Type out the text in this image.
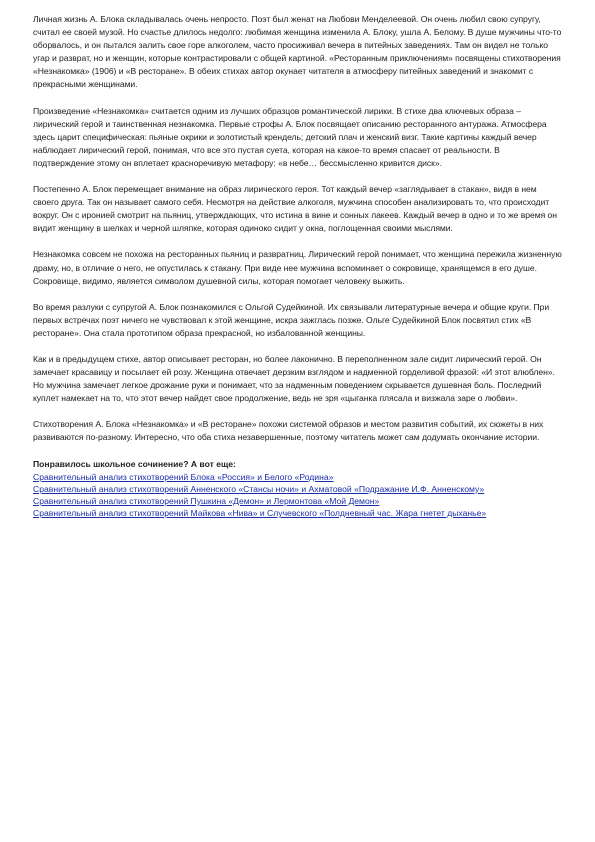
Личная жизнь А. Блока складывалась очень непросто. Поэт был женат на Любови Менделеевой. Он очень любил свою супругу, считал ее своей музой. Но счастье длилось недолго: любимая женщина изменила А. Блоку, ушла А. Белому. В душе мужчины что-то оборвалось, и он пытался залить свое горе алкоголем, часто просиживал вечера в питейных заведениях. Там он видел не только угар и разврат, но и женщин, которые контрастировали с общей картиной. «Ресторанным приключениям» посвящены стихотворения «Незнакомка» (1906) и «В ресторане». В обеих стихах автор окунает читателя в атмосферу питейных заведений и знакомит с прекрасными женщинами.

Произведение «Незнакомка» считается одним из лучших образцов романтической лирики. В стихе два ключевых образа – лирический герой и таинственная незнакомка. Первые строфы А. Блок посвящает описанию ресторанного антуража. Атмосфера здесь царит специфическая: пьяные окрики и золотистый крендель; детский плач и женский визг. Такие картины каждый вечер наблюдает лирический герой, понимая, что все это пустая суета, которая на какое-то время спасает от реальности. В подтверждение этому он вплетает красноречивую метафору: «в небе… бессмысленно кривится диск».

Постепенно А. Блок перемещает внимание на образ лирического героя. Тот каждый вечер «заглядывает в стакан», видя в нем своего друга. Так он называет самого себя. Несмотря на действие алкоголя, мужчина способен анализировать то, что происходит вокруг. Он с иронией смотрит на пьяниц, утверждающих, что истина в вине и сонных лакеев. Каждый вечер в одно и то же время он видит женщину в шелках и черной шляпке, которая одиноко сидит у окна, поглощенная своими мыслями.

Незнакомка совсем не похожа на ресторанных пьяниц и развратниц. Лирический герой понимает, что женщина пережила жизненную драму, но, в отличие о него, не опустилась к стакану. При виде нее мужчина вспоминает о сокровище, хранящемся в его душе. Сокровище, видимо, является символом душевной силы, которая помогает человеку выжить.

Во время разлуки с супругой А. Блок познакомился с Ольгой Судейкиной. Их связывали литературные вечера и общие круги. При первых встречах поэт ничего не чувствовал к этой женщине, искра зажглась позже. Ольге Судейкиной Блок посвятил стих «В ресторане». Она стала прототипом образа прекрасной, но избалованной женщины.

Как и в предыдущем стихе, автор описывает ресторан, но более лаконично. В переполненном зале сидит лирический герой. Он замечает красавицу и посылает ей розу. Женщина отвечает дерзким взглядом и надменной горделивой фразой: «И этот влюблен». Но мужчина замечает легкое дрожание руки и понимает, что за надменным поведением скрывается душевная боль. Последний куплет намекает на то, что этот вечер найдет свое продолжение, ведь не зря «цыганка плясала и визжала заре о любви».

Стихотворения А. Блока «Незнакомка» и «В ресторане» похожи системой образов и местом развития событий, их сюжеты в них развиваются по-разному. Интересно, что оба стиха незавершенные, поэтому читатель может сам додумать окончание истории.

Понравилось школьное сочинение? А вот еще:
Сравнительный анализ стихотворений Блока «Россия» и Белого «Родина»
Сравнительный анализ стихотворений Анненского «Стансы ночи» и Ахматовой «Подражание И.Ф. Анненскому»
Сравнительный анализ стихотворений Пушкина «Демон» и Лермонтова «Мой Демон»
Сравнительный анализ стихотворений Майкова «Нива» и Случевского «Полдневный час. Жара гнетет дыханье»
